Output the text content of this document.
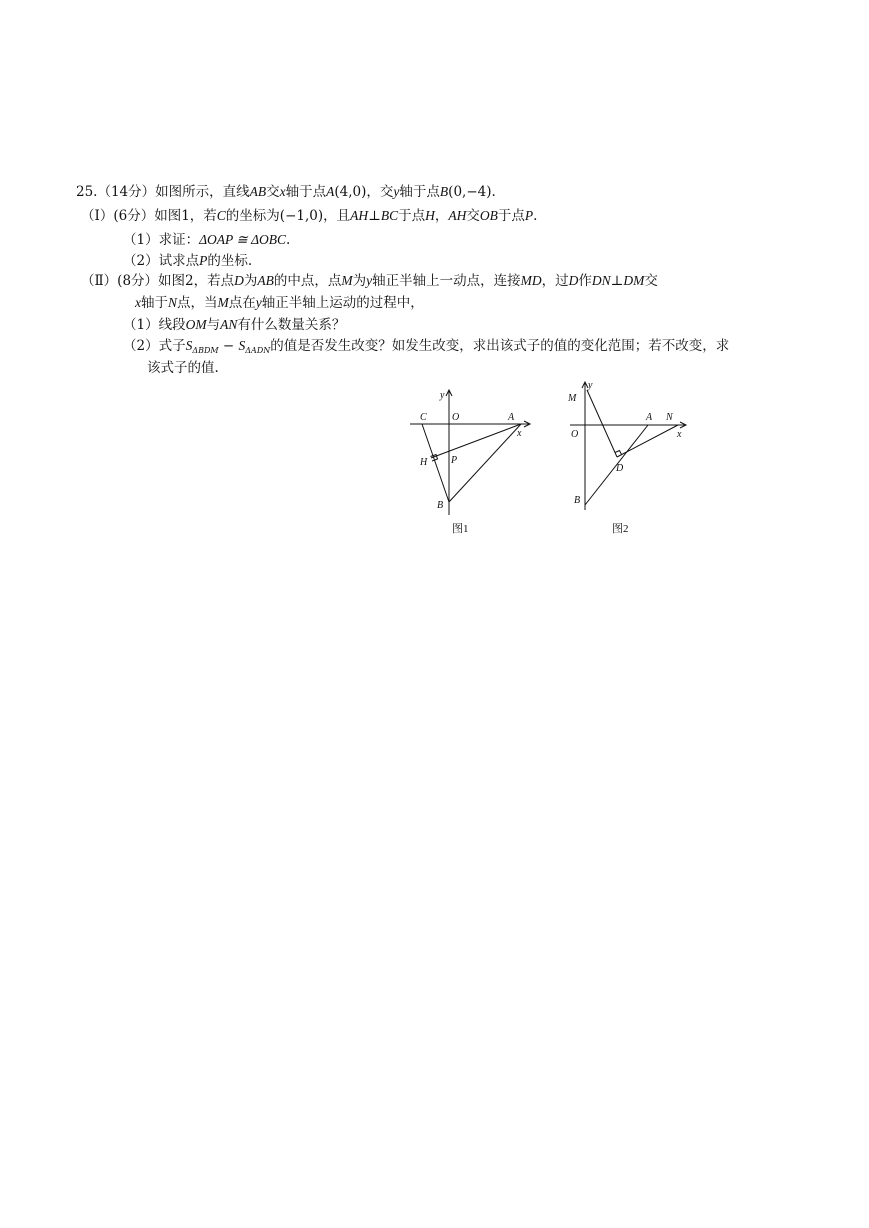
25.（14分）如图所示，直线AB交x轴于点A(4,0)，交y轴于点B(0,−4).
（Ⅰ）(6分）如图1，若C的坐标为(−1,0)，且AH⊥BC于点H，AH交OB于点P.
（1）求证：ΔOAP ≅ ΔOBC.
（2）试求点P的坐标.
（Ⅱ）(8分）如图2，若点D为AB的中点，点M为y轴正半轴上一动点，连接MD，过D作DN⊥DM交
x轴于N点，当M点在y轴正半轴上运动的过程中，
（1）线段OM与AN有什么数量关系？
（2）式子$S_{\Delta BDM} - S_{\Delta ADN}$的值是否发生改变？如发生改变，求出该式子的值的变化范围；若不改变，求
该式子的值.
y
O
C	A
x
H P
B
图1
y
M
A N
O	x
D
B
图2
